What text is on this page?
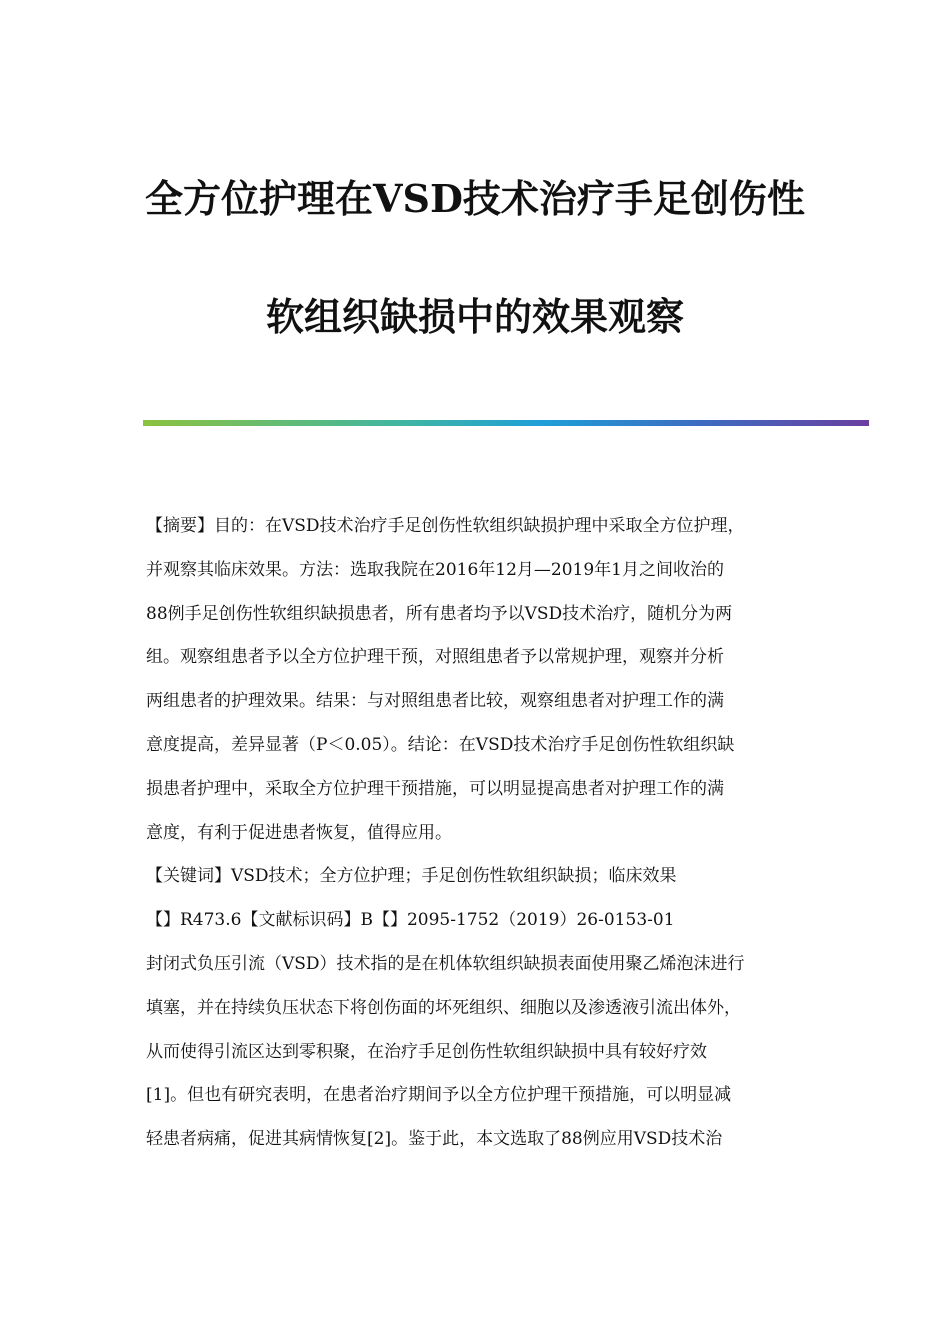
全方位护理在VSD技术治疗手足创伤性
软组织缺损中的效果观察
【摘要】目的：在VSD技术治疗手足创伤性软组织缺损护理中采取全方位护理，
并观察其临床效果。方法：选取我院在2016年12月—2019年1月之间收治的
88例手足创伤性软组织缺损患者，所有患者均予以VSD技术治疗，随机分为两
组。观察组患者予以全方位护理干预，对照组患者予以常规护理，观察并分析
两组患者的护理效果。结果：与对照组患者比较，观察组患者对护理工作的满
意度提高，差异显著（P＜0.05）。结论：在VSD技术治疗手足创伤性软组织缺
损患者护理中，采取全方位护理干预措施，可以明显提高患者对护理工作的满
意度，有利于促进患者恢复，值得应用。
【关键词】VSD技术；全方位护理；手足创伤性软组织缺损；临床效果
【】R473.6【文献标识码】B【】2095-1752（2019）26-0153-01
封闭式负压引流（VSD）技术指的是在机体软组织缺损表面使用聚乙烯泡沫进行
填塞，并在持续负压状态下将创伤面的坏死组织、细胞以及渗透液引流出体外，
从而使得引流区达到零积聚，在治疗手足创伤性软组织缺损中具有较好疗效
[1]。但也有研究表明，在患者治疗期间予以全方位护理干预措施，可以明显减
轻患者病痛，促进其病情恢复[2]。鉴于此，本文选取了88例应用VSD技术治
